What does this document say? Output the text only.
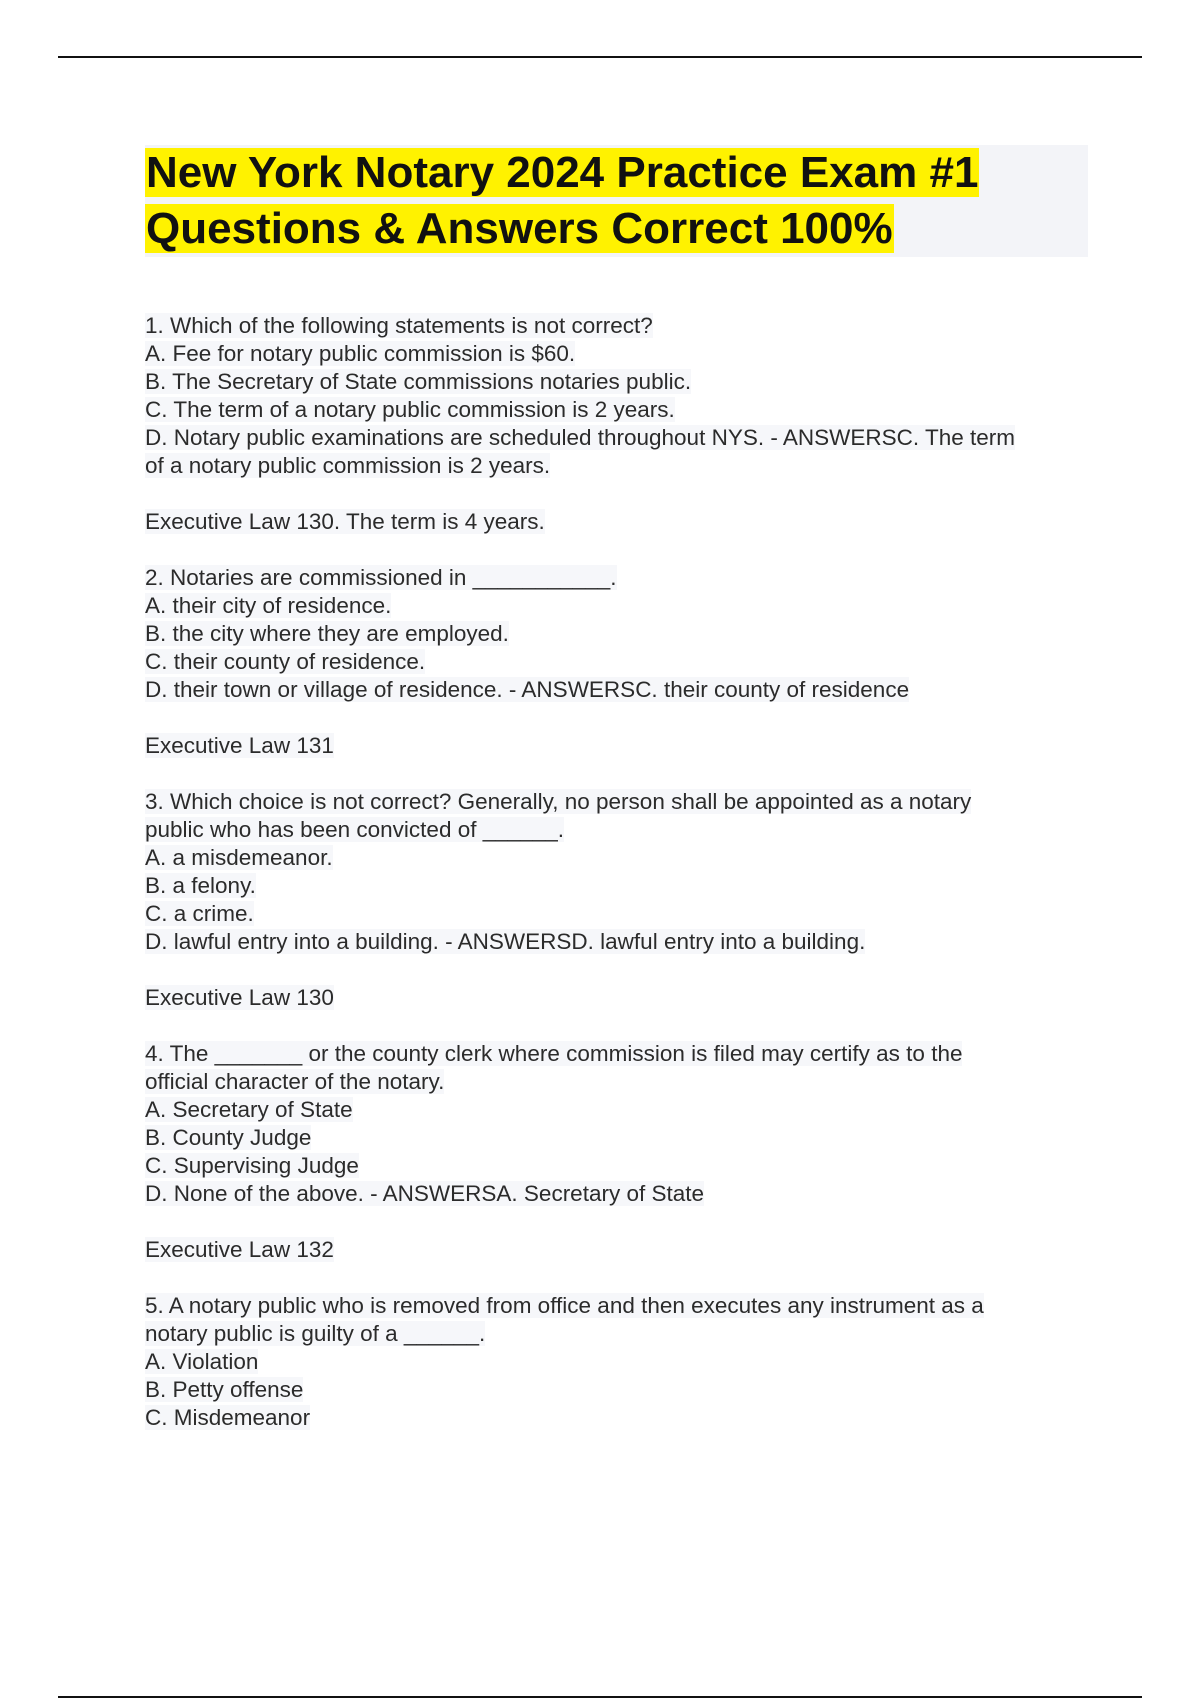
New York Notary 2024 Practice Exam #1
Questions & Answers Correct 100%
1. Which of the following statements is not correct?
A. Fee for notary public commission is $60.
B. The Secretary of State commissions notaries public.
C. The term of a notary public commission is 2 years.
D. Notary public examinations are scheduled throughout NYS. - ANSWERSC. The term
of a notary public commission is 2 years.
Executive Law 130. The term is 4 years.
2. Notaries are commissioned in ___________.
A. their city of residence.
B. the city where they are employed.
C. their county of residence.
D. their town or village of residence. - ANSWERSC. their county of residence
Executive Law 131
3. Which choice is not correct? Generally, no person shall be appointed as a notary
public who has been convicted of ______.
A. a misdemeanor.
B. a felony.
C. a crime.
D. lawful entry into a building. - ANSWERSD. lawful entry into a building.
Executive Law 130
4. The _______ or the county clerk where commission is filed may certify as to the
official character of the notary.
A. Secretary of State
B. County Judge
C. Supervising Judge
D. None of the above. - ANSWERSA. Secretary of State
Executive Law 132
5. A notary public who is removed from office and then executes any instrument as a
notary public is guilty of a ______.
A. Violation
B. Petty offense
C. Misdemeanor
